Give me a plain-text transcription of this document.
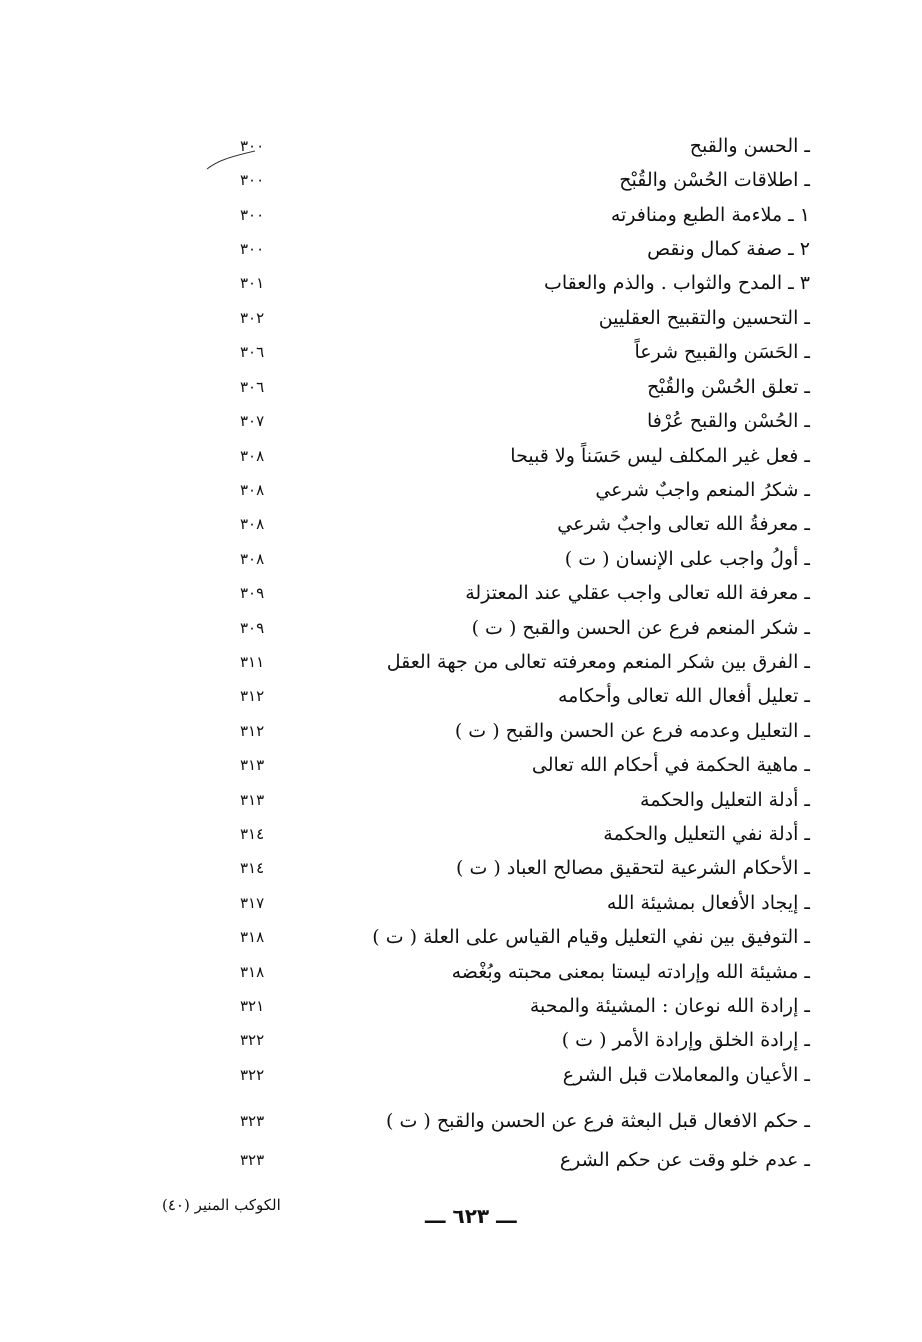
ـ الحسن والقبح
٣٠٠
ـ اطلاقات الحُسْن والقُبْح
٣٠٠
١ ـ ملاءمة الطبع ومنافرته
٣٠٠
٢ ـ صفة كمال ونقص
٣٠٠
٣ ـ المدح والثواب . والذم والعقاب
٣٠١
ـ التحسين والتقبيح العقليين
٣٠٢
ـ الحَسَن والقبيح شرعاً
٣٠٦
ـ تعلق الحُسْن والقُبْح
٣٠٦
ـ الحُسْن والقبح عُرْفا
٣٠٧
ـ فعل غير المكلف ليس حَسَناً ولا قبيحا
٣٠٨
ـ شكرُ المنعم واجبٌ شرعي
٣٠٨
ـ معرفةُ الله تعالى واجبٌ شرعي
٣٠٨
ـ أولُ واجب على الإنسان ( ت )
٣٠٨
ـ معرفة الله تعالى واجب عقلي عند المعتزلة
٣٠٩
ـ شكر المنعم فرع عن الحسن والقبح ( ت )
٣٠٩
ـ الفرق بين شكر المنعم ومعرفته تعالى من جهة العقل
٣١١
ـ تعليل أفعال الله تعالى وأحكامه
٣١٢
ـ التعليل وعدمه فرع عن الحسن والقبح ( ت )
٣١٢
ـ ماهية الحكمة في أحكام الله تعالى
٣١٣
ـ أدلة التعليل والحكمة
٣١٣
ـ أدلة نفي التعليل والحكمة
٣١٤
ـ الأحكام الشرعية لتحقيق مصالح العباد ( ت )
٣١٤
ـ إيجاد الأفعال بمشيئة الله
٣١٧
ـ التوفيق بين نفي التعليل وقيام القياس على العلة ( ت )
٣١٨
ـ مشيئة الله وإرادته ليستا بمعنى محبته وبُغْضه
٣١٨
ـ إرادة الله نوعان : المشيئة والمحبة
٣٢١
ـ إرادة الخلق وإرادة الأمر ( ت )
٣٢٢
ـ الأعيان والمعاملات قبل الشرع
٣٢٢
ـ حكم الافعال قبل البعثة فرع عن الحسن والقبح ( ت )
٣٢٣
ـ عدم خلو وقت عن حكم الشرع
٣٢٣
الكوكب المنير (٤٠)	ـــ ٦٢٣ ـــ
